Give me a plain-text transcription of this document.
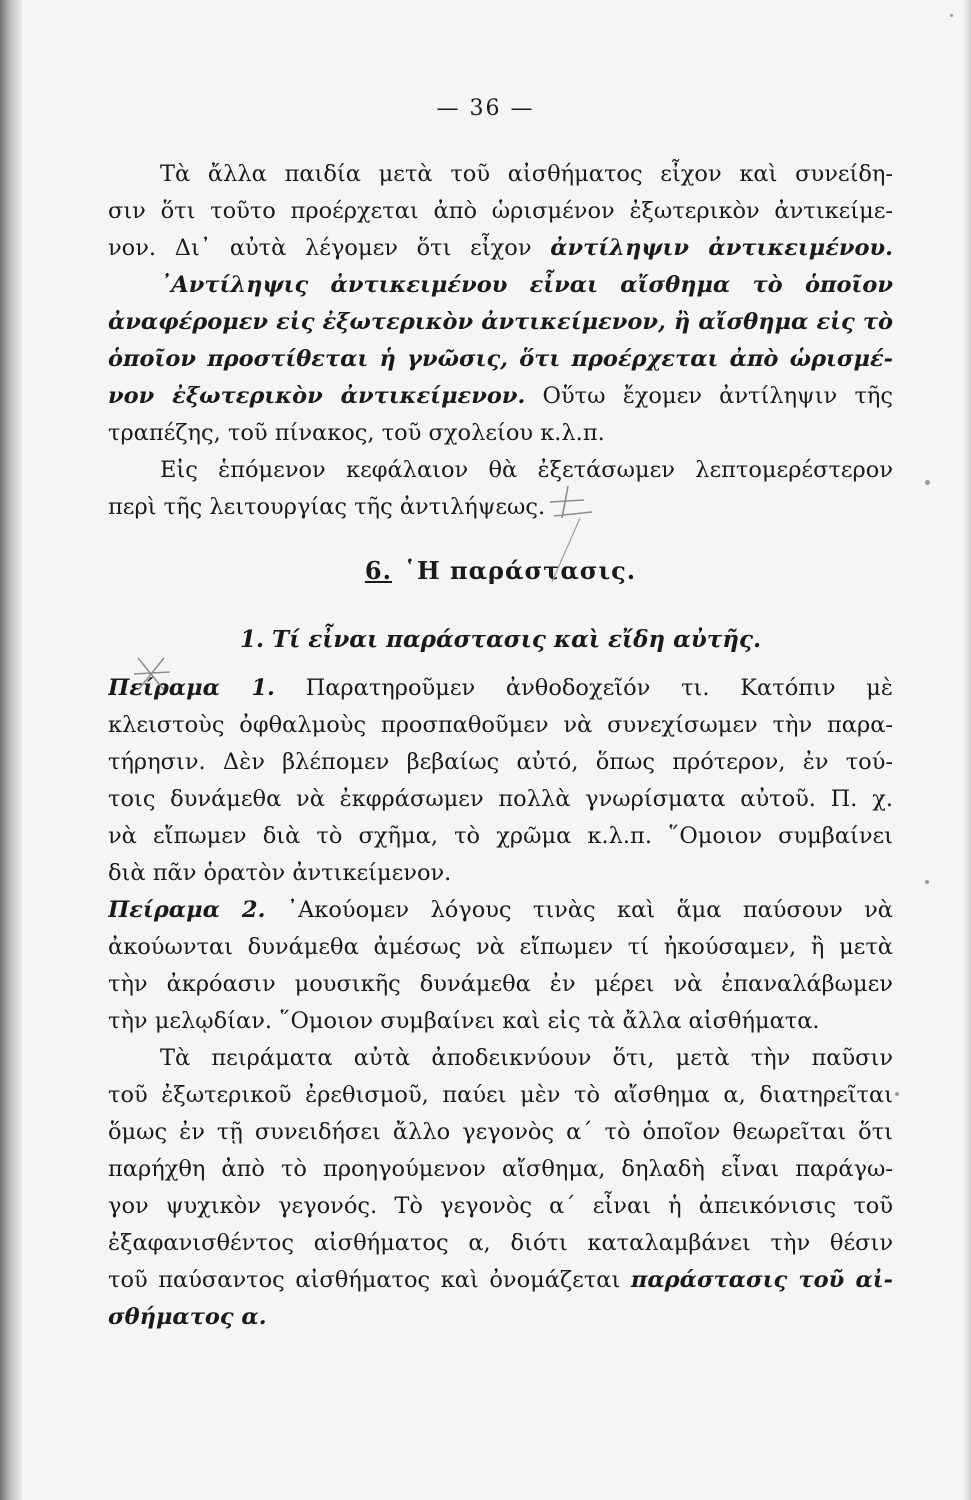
— 36 —
Τὰ ἄλλα παιδία μετὰ τοῦ αἰσθήματος εἶχον καὶ συνείδη-
σιν ὅτι τοῦτο προέρχεται ἀπὸ ὡρισμένον ἐξωτερικὸν ἀντικείμε-
νον. Δι᾽ αὐτὰ λέγομεν ὅτι εἶχον ἀντίληψιν ἀντικειμένου.
᾿Αντίληψις ἀντικειμένου εἶναι αἴσθημα τὸ ὁποῖον
ἀναφέρομεν εἰς ἐξωτερικὸν ἀντικείμενον, ἢ αἴσθημα εἰς τὸ
ὁποῖον προστίθεται ἡ γνῶσις, ὅτι προέρχεται ἀπὸ ὡρισμέ-
νον ἐξωτερικὸν ἀντικείμενον. Οὕτω ἔχομεν ἀντίληψιν τῆς
τραπέζης, τοῦ πίνακος, τοῦ σχολείου κ.λ.π.
Εἰς ἑπόμενον κεφάλαιον θὰ ἐξετάσωμεν λεπτομερέστερον
περὶ τῆς λειτουργίας τῆς ἀντιλήψεως.
6. ῾Η παράστασις.
1. Τί εἶναι παράστασις καὶ εἴδη αὐτῆς.
Πείραμα 1. Παρατηροῦμεν ἀνθοδοχεῖόν τι. Κατόπιν μὲ
κλειστοὺς ὀφθαλμοὺς προσπαθοῦμεν νὰ συνεχίσωμεν τὴν παρα-
τήρησιν. Δὲν βλέπομεν βεβαίως αὐτό, ὅπως πρότερον, ἐν τού-
τοις δυνάμεθα νὰ ἐκφράσωμεν πολλὰ γνωρίσματα αὐτοῦ. Π. χ.
νὰ εἴπωμεν διὰ τὸ σχῆμα, τὸ χρῶμα κ.λ.π. ῞Ομοιον συμβαίνει
διὰ πᾶν ὁρατὸν ἀντικείμενον.
Πείραμα 2. ᾿Ακούομεν λόγους τινὰς καὶ ἅμα παύσουν νὰ
ἀκούωνται δυνάμεθα ἀμέσως νὰ εἴπωμεν τί ἠκούσαμεν, ἢ μετὰ
τὴν ἀκρόασιν μουσικῆς δυνάμεθα ἐν μέρει νὰ ἐπαναλάβωμεν
τὴν μελῳδίαν. ῞Ομοιον συμβαίνει καὶ εἰς τὰ ἄλλα αἰσθήματα.
Τὰ πειράματα αὐτὰ ἀποδεικνύουν ὅτι, μετὰ τὴν παῦσιν
τοῦ ἐξωτερικοῦ ἐρεθισμοῦ, παύει μὲν τὸ αἴσθημα α, διατηρεῖται
ὅμως ἐν τῇ συνειδήσει ἄλλο γεγονὸς α΄ τὸ ὁποῖον θεωρεῖται ὅτι
παρήχθη ἀπὸ τὸ προηγούμενον αἴσθημα, δηλαδὴ εἶναι παράγω-
γον ψυχικὸν γεγονός. Τὸ γεγονὸς α΄ εἶναι ἡ ἀπεικόνισις τοῦ
ἐξαφανισθέντος αἰσθήματος α, διότι καταλαμβάνει τὴν θέσιν
τοῦ παύσαντος αἰσθήματος καὶ ὀνομάζεται παράστασις τοῦ αἰ-
σθήματος α.
